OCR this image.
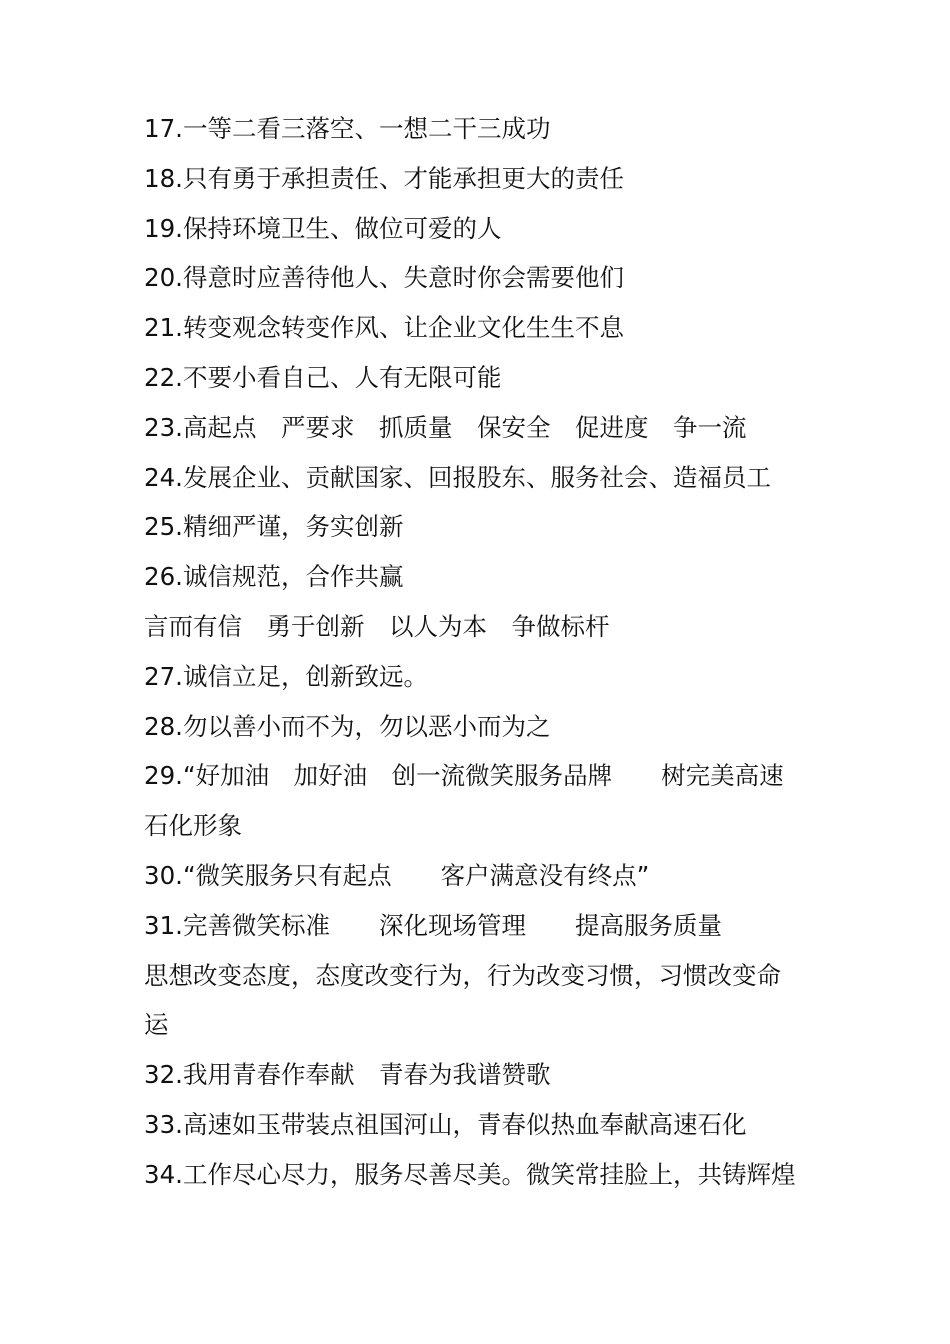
17.一等二看三落空、一想二干三成功
18.只有勇于承担责任、才能承担更大的责任
19.保持环境卫生、做位可爱的人
20.得意时应善待他人、失意时你会需要他们
21.转变观念转变作风、让企业文化生生不息
22.不要小看自己、人有无限可能
23.高起点　严要求　抓质量　保安全　促进度　争一流
24.发展企业、贡献国家、回报股东、服务社会、造福员工
25.精细严谨，务实创新
26.诚信规范，合作共赢
言而有信　勇于创新　以人为本　争做标杆
27.诚信立足，创新致远。
28.勿以善小而不为，勿以恶小而为之
29.“好加油　加好油　创一流微笑服务品牌　　树完美高速
石化形象
30.“微笑服务只有起点　　客户满意没有终点”
31.完善微笑标准　　深化现场管理　　提高服务质量
思想改变态度，态度改变行为，行为改变习惯，习惯改变命
运
32.我用青春作奉献　青春为我谱赞歌
33.高速如玉带装点祖国河山，青春似热血奉献高速石化
34.工作尽心尽力，服务尽善尽美。微笑常挂脸上，共铸辉煌
